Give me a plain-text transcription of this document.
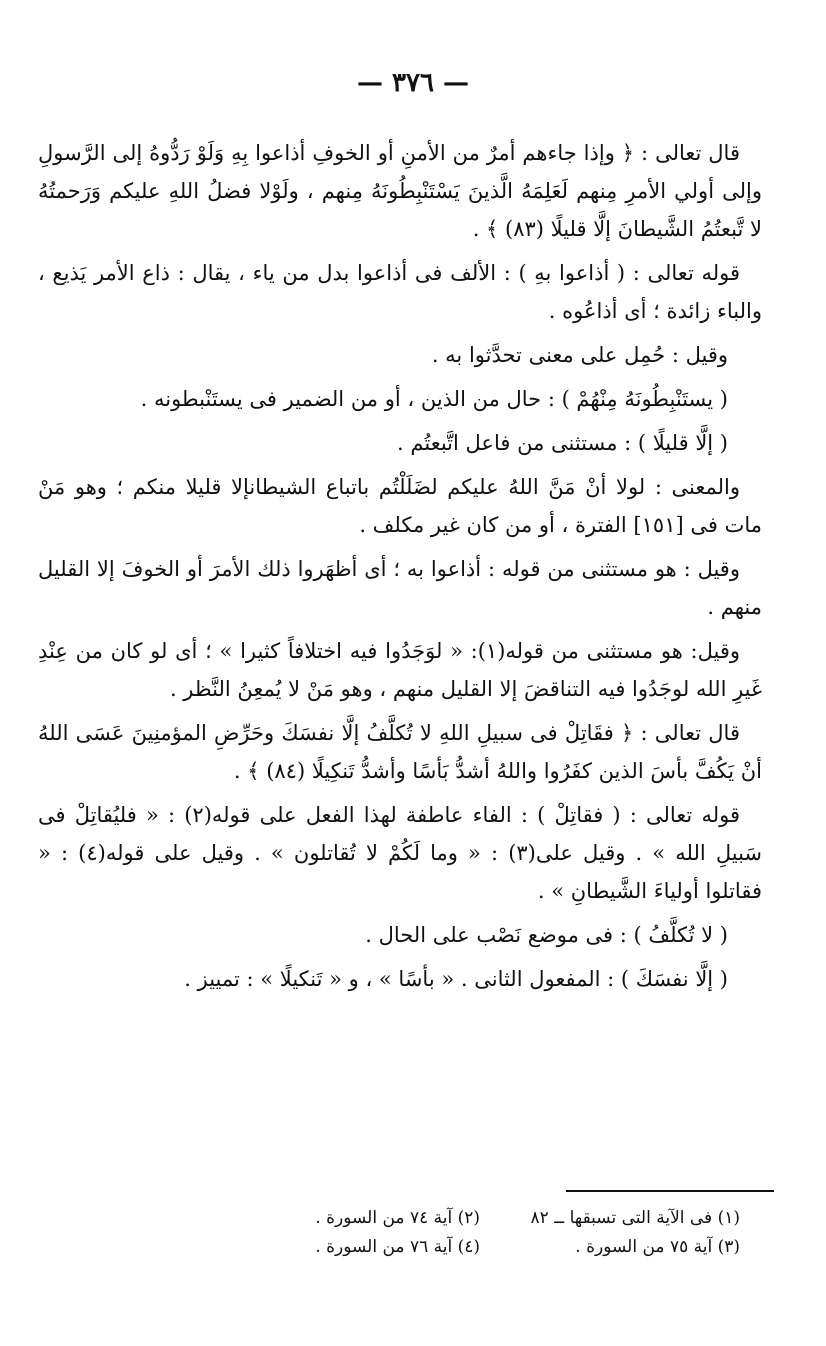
— ٣٧٦ —

قال تعالى : ﴿ وإذا جاءهم أمرٌ من الأمنِ أو الخوفِ أذاعوا بِهِ وَلَوْ رَدُّوهُ إلى الرَّسولِ وإلى أولي الأمرِ مِنهم لَعَلِمَهُ الَّذينَ يَسْتَنْبِطُونَهُ مِنهم ، ولَوْلا فضلُ اللهِ عليكم وَرَحمتُهُ لا تَّبعتُمُ الشَّيطانَ إلَّا قليلًا (٨٣) ﴾ .

قوله تعالى : ( أذاعوا بهِ ) : الألف فى أذاعوا بدل من ياء ، يقال : ذاع الأمر يَذيع ، والباء زائدة ؛ أى أذاعُوه .

وقيل : حُمِل على معنى تحدَّثوا به .

( يستَنْبِطُونَهُ مِنْهُمْ ) : حال من الذين ، أو من الضمير فى يستَنْبطونه .

( إلَّا قليلًا ) : مستثنى من فاعل اتَّبعتُم .

والمعنى : لولا أنْ مَنَّ اللهُ عليكم لضَلَلْتُم باتباع الشيطانإلا قليلا منكم ؛ وهو مَنْ مات فى [١٥١] الفترة ، أو من كان غير مكلف .

وقيل : هو مستثنى من قوله : أذاعوا به ؛ أى أظهَروا ذلك الأمرَ أو الخوفَ إلا القليل منهم .

وقيل: هو مستثنى من قوله(١): « لوَجَدُوا فيه اختلافاً كثيرا » ؛ أى لو كان من عِنْدِ غَيرِ الله لوجَدُوا فيه التناقضَ إلا القليل منهم ، وهو مَنْ لا يُمعِنُ النَّظر .

قال تعالى : ﴿ فقَاتِلْ فى سبيلِ اللهِ لا تُكلَّفُ إلَّا نفسَكَ وحَرِّضِ المؤمنِينَ عَسَى اللهُ أنْ يَكُفَّ بأسَ الذين كفَرُوا واللهُ أشدُّ بَأسًا وأشدُّ تَنكِيلًا (٨٤) ﴾ .

قوله تعالى : ( فقاتِلْ ) : الفاء عاطفة لهذا الفعل على قوله(٢) : « فليُقاتِلْ فى سَبيلِ الله » . وقيل على(٣) : « وما لَكُمْ لا تُقاتلون » . وقيل على قوله(٤) : « فقاتلوا أولياءَ الشَّيطانِ » .

( لا تُكلَّفُ ) : فى موضع نَصْب على الحال .

( إلَّا نفسَكَ ) : المفعول الثانى . « بأسًا » ، و « تَنكيلًا » : تمييز .

(١) فى الآية التى تسبقها ــ ٨٢
(٢) آية ٧٤ من السورة .
(٣) آية ٧٥ من السورة .
(٤) آية ٧٦ من السورة .
